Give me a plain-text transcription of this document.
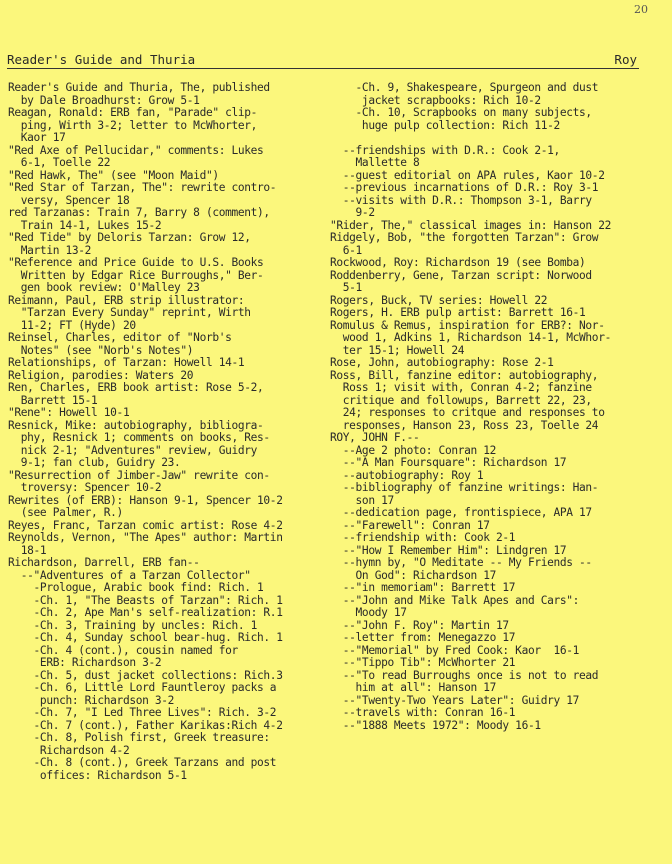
20
Reader's Guide and Thuria	Roy
Reader's Guide and Thuria, The, published
by Dale Broadhurst: Grow 5-1
Reagan, Ronald: ERB fan, "Parade" clip-
ping, Wirth 3-2; letter to McWhorter,
Kaor 17
"Red Axe of Pellucidar," comments: Lukes
6-1, Toelle 22
"Red Hawk, The" (see "Moon Maid")
"Red Star of Tarzan, The": rewrite contro-
versy, Spencer 18
red Tarzanas: Train 7, Barry 8 (comment),
Train 14-1, Lukes 15-2
"Red Tide" by Deloris Tarzan: Grow 12,
Martin 13-2
"Reference and Price Guide to U.S. Books
Written by Edgar Rice Burroughs," Ber-
gen book review: O'Malley 23
Reimann, Paul, ERB strip illustrator:
"Tarzan Every Sunday" reprint, Wirth
11-2; FT (Hyde) 20
Reinsel, Charles, editor of "Norb's
Notes" (see "Norb's Notes")
Relationships, of Tarzan: Howell 14-1
Religion, parodies: Waters 20
Ren, Charles, ERB book artist: Rose 5-2,
Barrett 15-1
"Rene": Howell 10-1
Resnick, Mike: autobiography, bibliogra-
phy, Resnick 1; comments on books, Res-
nick 2-1; "Adventures" review, Guidry
9-1; fan club, Guidry 23.
"Resurrection of Jimber-Jaw" rewrite con-
troversy: Spencer 10-2
Rewrites (of ERB): Hanson 9-1, Spencer 10-2
(see Palmer, R.)
Reyes, Franc, Tarzan comic artist: Rose 4-2
Reynolds, Vernon, "The Apes" author: Martin
18-1
Richardson, Darrell, ERB fan--
--"Adventures of a Tarzan Collector"
-Prologue, Arabic book find: Rich. 1
-Ch. 1, "The Beasts of Tarzan": Rich. 1
-Ch. 2, Ape Man's self-realization: R.1
-Ch. 3, Training by uncles: Rich. 1
-Ch. 4, Sunday school bear-hug. Rich. 1
-Ch. 4 (cont.), cousin named for
ERB: Richardson 3-2
-Ch. 5, dust jacket collections: Rich.3
-Ch. 6, Little Lord Fauntleroy packs a
punch: Richardson 3-2
-Ch. 7, "I Led Three Lives": Rich. 3-2
-Ch. 7 (cont.), Father Karikas:Rich 4-2
-Ch. 8, Polish first, Greek treasure:
Richardson 4-2
-Ch. 8 (cont.), Greek Tarzans and post
offices: Richardson 5-1
-Ch. 9, Shakespeare, Spurgeon and dust
jacket scrapbooks: Rich 10-2
-Ch. 10, Scrapbooks on many subjects,
huge pulp collection: Rich 11-2
--friendships with D.R.: Cook 2-1,
Mallette 8
--guest editorial on APA rules, Kaor 10-2
--previous incarnations of D.R.: Roy 3-1
--visits with D.R.: Thompson 3-1, Barry
9-2
"Rider, The," classical images in: Hanson 22
Ridgely, Bob, "the forgotten Tarzan": Grow
6-1
Rockwood, Roy: Richardson 19 (see Bomba)
Roddenberry, Gene, Tarzan script: Norwood
5-1
Rogers, Buck, TV series: Howell 22
Rogers, H. ERB pulp artist: Barrett 16-1
Romulus & Remus, inspiration for ERB?: Nor-
wood 1, Adkins 1, Richardson 14-1, McWhor-
ter 15-1; Howell 24
Rose, John, autobiography: Rose 2-1
Ross, Bill, fanzine editor: autobiography,
Ross 1; visit with, Conran 4-2; fanzine
critique and followups, Barrett 22, 23,
24; responses to critque and responses to
responses, Hanson 23, Ross 23, Toelle 24
ROY, JOHN F.--
--Age 2 photo: Conran 12
--"A Man Foursquare": Richardson 17
--autobiography: Roy 1
--bibliography of fanzine writings: Han-
son 17
--dedication page, frontispiece, APA 17
--"Farewell": Conran 17
--friendship with: Cook 2-1
--"How I Remember Him": Lindgren 17
--hymn by, "O Meditate -- My Friends --
On God": Richardson 17
--"in memoriam": Barrett 17
--"John and Mike Talk Apes and Cars":
Moody 17
--"John F. Roy": Martin 17
--letter from: Menegazzo 17
--"Memorial" by Fred Cook: Kaor  16-1
--"Tippo Tib": McWhorter 21
--"To read Burroughs once is not to read
him at all": Hanson 17
--"Twenty-Two Years Later": Guidry 17
--travels with: Conran 16-1
--"1888 Meets 1972": Moody 16-1
